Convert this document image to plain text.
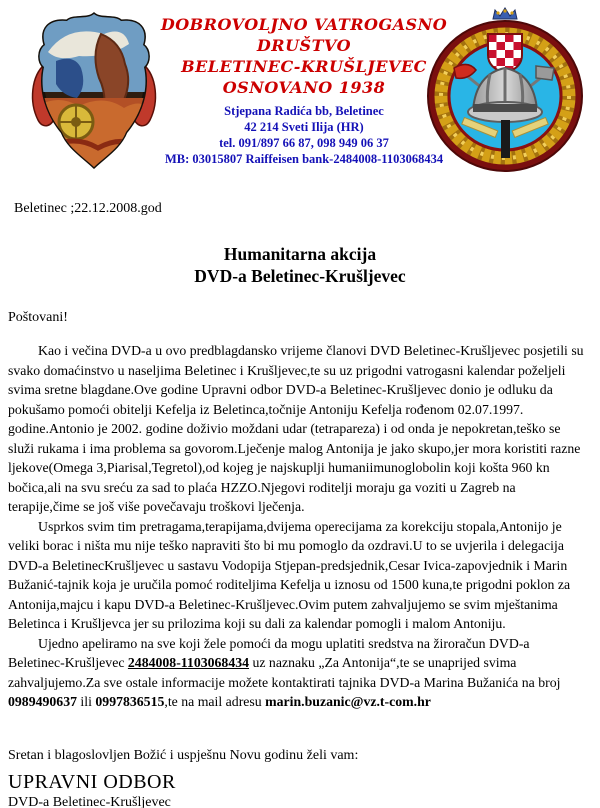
DOBROVOLJNO VATROGASNO
DRUŠTVO
BELETINEC-KRUŠLJEVEC
OSNOVANO 1938
Stjepana Radića bb, Beletinec
42 214 Sveti Ilija (HR)
tel. 091/897 66 87, 098 949 06 37
MB: 03015807 Raiffeisen bank-2484008-1103068434
Beletinec ;22.12.2008.god
Humanitarna akcija
DVD-a Beletinec-Krušljevec
Poštovani!

Kao i večina DVD-a u ovo predblagdansko vrijeme članovi DVD Beletinec-Krušljevec posjetili su svako domaćinstvo u naseljima Beletinec i Krušljevec,te su uz prigodni vatrogasni kalendar poželjeli svima sretne blagdane.Ove godine Upravni odbor DVD-a Beletinec-Krušljevec donio je odluku da pokušamo pomoći obitelji Kefelja iz Beletinca,točnije Antoniju Kefelja rođenom 02.07.1997. godine.Antonio je 2002. godine doživio moždani udar (tetrapareza) i od onda je nepokretan,teško se služi rukama i ima problema sa govorom.Lječenje malog Antonija je jako skupo,jer mora koristiti razne ljekove(Omega 3,Piarisal,Tegretol),od kojeg je najskuplji humaniimunoglobolin koji košta 960 kn bočica,ali na svu sreću za sad to plaća HZZO.Njegovi roditelji moraju ga voziti u Zagreb na terapije,čime se još više povečavaju troškovi lječenja.

Usprkos svim tim pretragama,terapijama,dvijema operecijama za korekciju stopala,Antonijo je veliki borac i ništa mu nije teško napraviti što bi mu pomoglo da ozdravi.U to se uvjerila i delegacija DVD-a BeletinecKrušljevec u sastavu Vodopija Stjepan-predsjednik,Cesar Ivica-zapovjednik i Marin Bužanić-tajnik koja je uručila pomoć roditeljima Kefelja u iznosu od 1500 kuna,te prigodni poklon za Antonija,majcu i kapu DVD-a Beletinec-Krušljevec.Ovim putem zahvaljujemo se svim mještanima Beletinca i Krušljevca jer su prilozima koji su dali za kalendar pomogli i malom Antoniju.

Ujedno apeliramo na sve koji žele pomoći da mogu uplatiti sredstva na žiroračun DVD-a Beletinec-Krušljevec 2484008-1103068434 uz naznaku „Za Antonija“,te se unaprijed svima zahvaljujemo.Za sve ostale informacije možete kontaktirati tajnika DVD-a Marina Bužanića na broj 0989490637 ili 0997836515,te na mail adresu marin.buzanic@vz.t-com.hr

Sretan i blagoslovljen Božić i uspješnu Novu godinu želi vam:
UPRAVNI ODBOR
DVD-a Beletinec-Krušljevec
